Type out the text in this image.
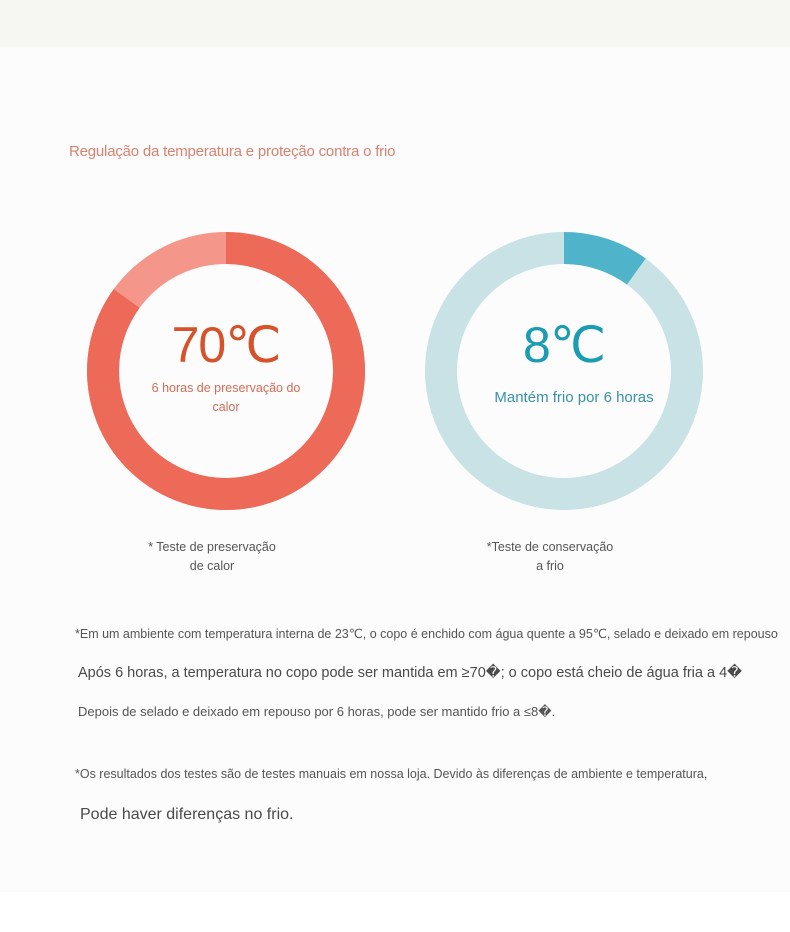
Regulação da temperatura e proteção contra o frio
70℃
6 horas de preservação do calor
8℃
Mantém frio por 6 horas
* Teste de preservação
de calor
*Teste de conservação
a frio
*Em um ambiente com temperatura interna de 23℃, o copo é enchido com água quente a 95℃, selado e deixado em repouso
Após 6 horas, a temperatura no copo pode ser mantida em ≥70�; o copo está cheio de água fria a 4�
Depois de selado e deixado em repouso por 6 horas, pode ser mantido frio a ≤8�.
*Os resultados dos testes são de testes manuais em nossa loja. Devido às diferenças de ambiente e temperatura,
Pode haver diferenças no frio.
